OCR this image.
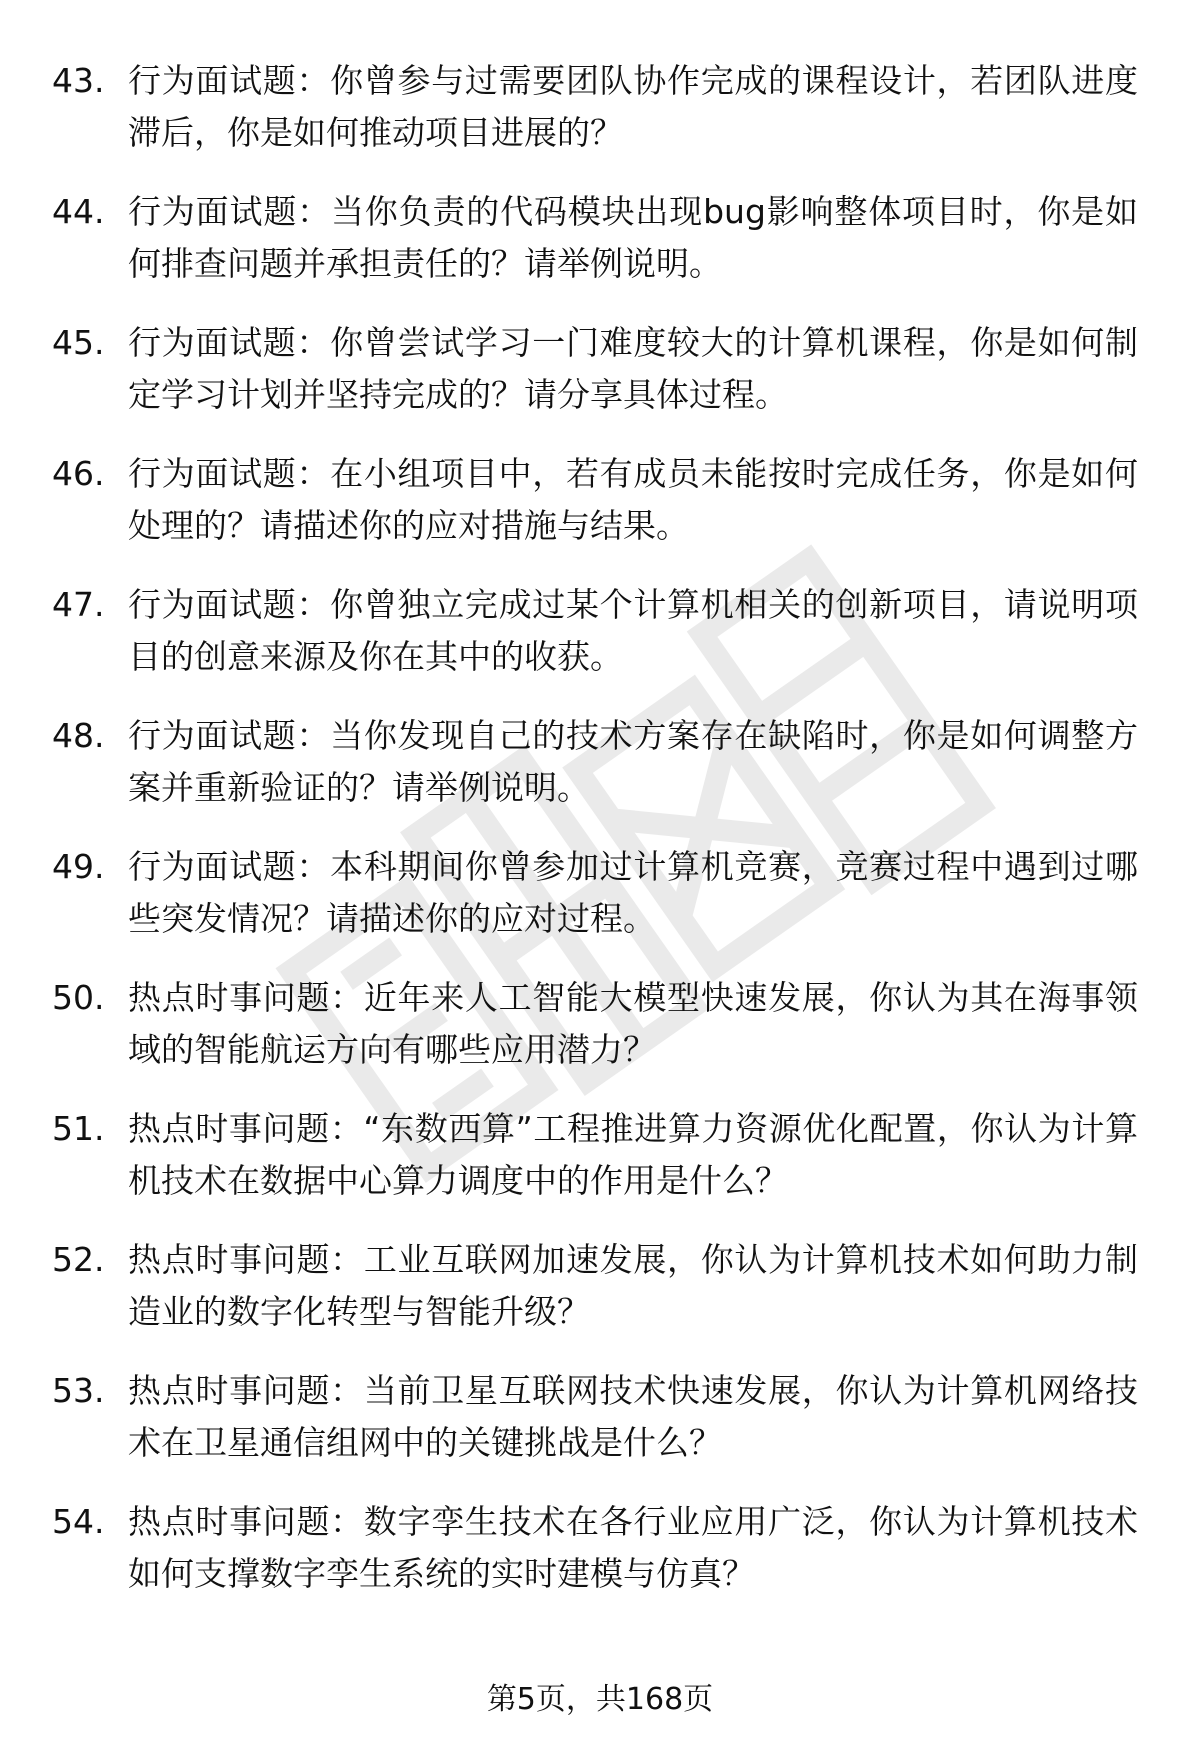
43. 行为面试题：你曾参与过需要团队协作完成的课程设计，若团队进度滞后，你是如何推动项目进展的？

44. 行为面试题：当你负责的代码模块出现bug影响整体项目时，你是如何排查问题并承担责任的？请举例说明。

45. 行为面试题：你曾尝试学习一门难度较大的计算机课程，你是如何制定学习计划并坚持完成的？请分享具体过程。

46. 行为面试题：在小组项目中，若有成员未能按时完成任务，你是如何处理的？请描述你的应对措施与结果。

47. 行为面试题：你曾独立完成过某个计算机相关的创新项目，请说明项目的创意来源及你在其中的收获。

48. 行为面试题：当你发现自己的技术方案存在缺陷时，你是如何调整方案并重新验证的？请举例说明。

49. 行为面试题：本科期间你曾参加过计算机竞赛，竞赛过程中遇到过哪些突发情况？请描述你的应对过程。

50. 热点时事问题：近年来人工智能大模型快速发展，你认为其在海事领域的智能航运方向有哪些应用潜力？

51. 热点时事问题：“东数西算”工程推进算力资源优化配置，你认为计算机技术在数据中心算力调度中的作用是什么？

52. 热点时事问题：工业互联网加速发展，你认为计算机技术如何助力制造业的数字化转型与智能升级？

53. 热点时事问题：当前卫星互联网技术快速发展，你认为计算机网络技术在卫星通信组网中的关键挑战是什么？

54. 热点时事问题：数字孪生技术在各行业应用广泛，你认为计算机技术如何支撑数字孪生系统的实时建模与仿真？

第5页，共168页
